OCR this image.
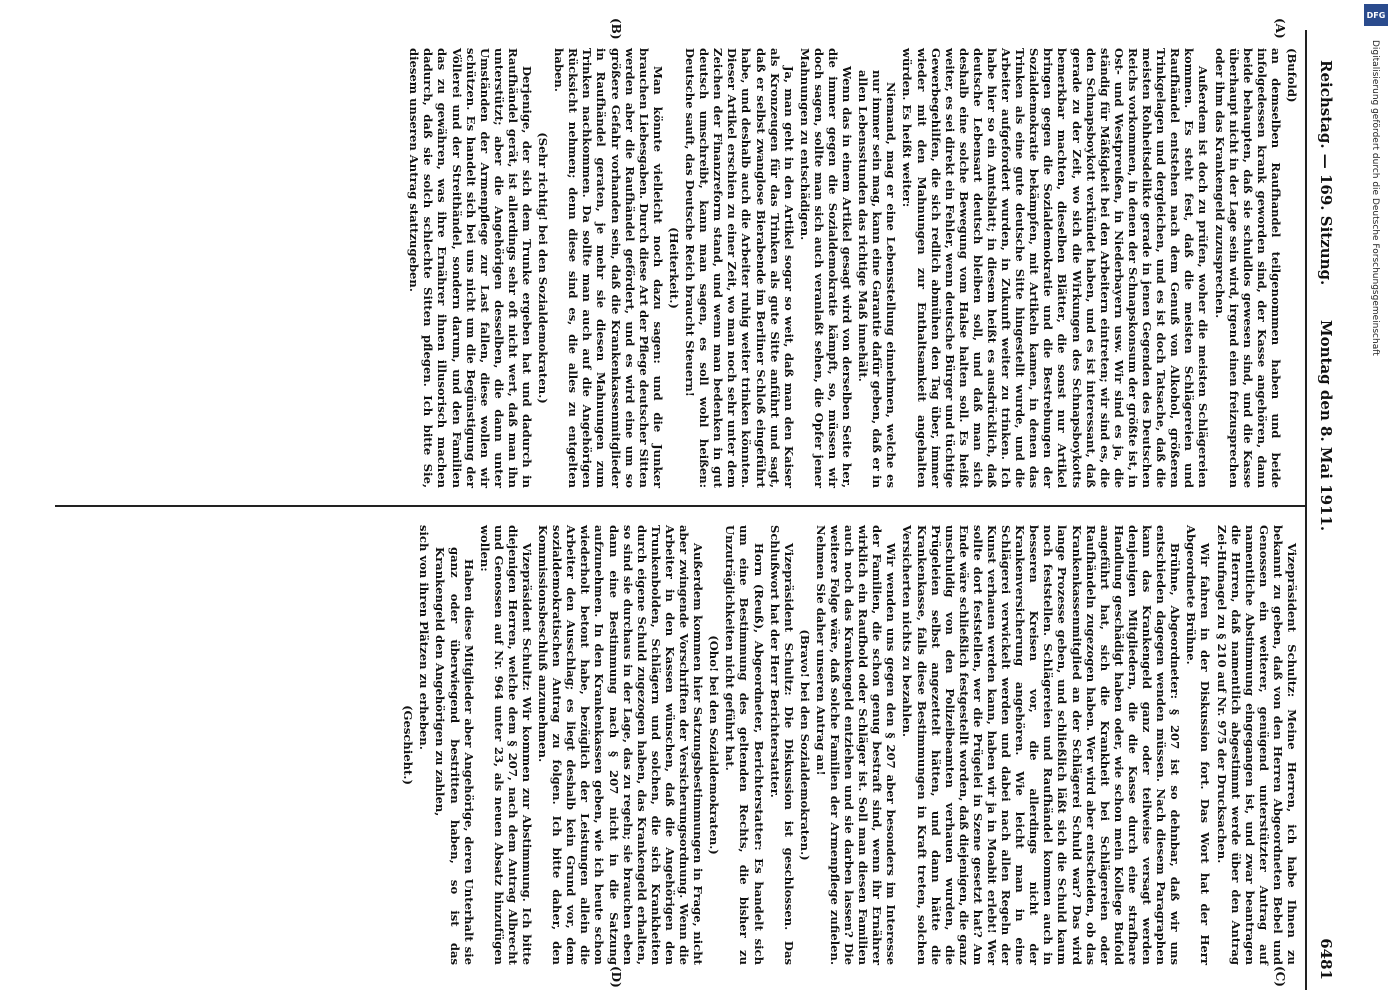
Reichstag. — 169. Sitzung.
Montag den 8. Mai 1911.
6481
(A)
(B)
(C)
(D)

(Bufold)

an demselben Raufhandel teilgenommen haben und beide infolgedessen krank geworden sind, der Kasse angehören, dann beide behaupten, daß sie schuldlos gewesen sind, und die Kasse überhaupt nicht in der Lage sein wird, irgend einen freizusprechen oder ihm das Krankengeld zuzusprechen.

Außerdem ist doch zu prüfen, woher die meisten Schlägereien kommen. Es steht fest, daß die meisten Schlägereien und Raufhändel entstehen nach dem Genuß von Alkohol, größeren Trinkgelagen und dergleichen, und es ist doch Tatsache, daß die meisten Rohheitsdelikte gerade in jenen Gegenden des Deutschen Reichs vorkommen, in denen der Schnapskonsum der größte ist, in Ost- und Westpreußen, in Niederbayern usw. Wir sind es ja, die ständig für Mäßigkeit bei den Arbeitern eintreten; wir sind es, die den Schnapsboykott verkündet haben, und es ist interessant, daß gerade zu der Zeit, wo sich die Wirkungen des Schnapsboykotts bemerkbar machten, dieselben Blätter, die sonst nur Artikel bringen gegen die Sozialdemokratie und die Bestrebungen der Sozialdemokratie bekämpfen, mit Artikeln kamen, in denen das Trinken als eine gute deutsche Sitte hingestellt wurde, und die Arbeiter aufgefordert wurden, in Zukunft weiter zu trinken. Ich habe hier so ein Amtsblatt; in diesem heißt es ausdrücklich, daß deutsche Lebensart deutsch bleiben soll, und daß man sich deshalb eine solche Bewegung vom Halse halten soll. Es heißt weiter, es sei direkt ein Fehler, wenn deutsche Bürger und tüchtige Gewerbegehilfen, die sich redlich abmühen den Tag über, immer wieder mit den Mahnungen zur Enthaltsamkeit angehalten würden. Es heißt weiter:

Niemand, mag er eine Lebensstellung einnehmen, welche es nur immer sein mag, kann eine Garantie dafür geben, daß er in allen Lebensstunden das richtige Maß innehält.

Wenn das in einem Artikel gesagt wird von derselben Seite her, die immer gegen die Sozialdemokratie kämpft, so, müssen wir doch sagen, sollte man sich auch veranlaßt sehen, die Opfer jener Mahnungen zu entschädigen.

Ja, man geht in den Artikel sogar so weit, daß man den Kaiser als Kronzeugen für das Trinken als gute Sitte anführt und sagt, daß er selbst zwanglose Bierabende im Berliner Schloß eingeführt habe, und deshalb auch die Arbeiter ruhig weiter trinken könnten. Dieser Artikel erschien zu einer Zeit, wo man noch sehr unter dem Zeichen der Finanzreform stand, und wenn man bedenken in gut deutsch umschreibt, kann man sagen, es soll wohl heißen: Deutsche sauft, das Deutsche Reich braucht Steuern!

(Heiterkeit.)

Man könnte vielleicht noch dazu sagen: und die Junker brauchen Liebesgaben. Durch diese Art der Pflege deutscher Sitten werden aber die Raufhändel gefördert, und es wird eine um so größere Gefahr vorhanden sein, daß die Krankenkassenmitglieder in Raufhändel geraten, je mehr sie diesen Mahnungen zum Trinken nachkommen. Da sollte man auch auf die Angehörigen Rücksicht nehmen; denn diese sind es, die alles zu entgelten haben.

(Sehr richtig! bei den Sozialdemokraten.)

Derjenige, der sich dem Trunke ergeben hat und dadurch in Raufhändel gerät, ist allerdings sehr oft nicht wert, daß man ihn unterstützt; aber die Angehörigen desselben, die dann unter Umständen der Armenpflege zur Last fallen, diese wollen wir schützen. Es handelt sich bei uns nicht um die Begünstigung der Völlerei und der Streithändel, sondern darum, und den Familien das zu gewähren, was ihre Ernährer ihnen illusorisch machen dadurch, daß sie solch schlechte Sitten pflegen. Ich bitte Sie, diesem unseren Antrag stattzugeben.

Vizepräsident Schultz: Meine Herren, ich habe Ihnen zu bekannt zu geben, daß von den Herren Abgeordneten Bebel und Genossen ein weiterer, genügend unterstützter Antrag auf namentliche Abstimmung eingegangen ist, und zwar beantragen die Herren, daß namentlich abgestimmt werde über den Antrag Zei-Hufnagel zu § 210 auf Nr. 975 der Drucksachen.

Wir fahren in der Diskussion fort. Das Wort hat der Herr Abgeordnete Brühne.

Brühne, Abgeordneter: § 207 ist so dehnbar, daß wir uns entschieden dagegen wenden müssen. Nach diesem Paragraphen kann das Krankengeld ganz oder teilweise versagt werden denjenigen Mitgliedern, die die Kasse durch eine strafbare Handlung geschädigt haben oder, wie schon mein Kollege Bufold angeführt hat, sich die Krankheit bei Schlägereien oder Raufhändeln zugezogen haben. Wer wird aber entscheiden, ob das Krankenkassenmitglied an der Schlägerei Schuld war? Das wird lange Prozesse geben, und schließlich läßt sich die Schuld kaum noch feststellen. Schlägereien und Raufhändel kommen auch in besseren Kreisen vor, die allerdings nicht der Krankenversicherung angehören. Wie leicht man in eine Schlägerei verwickelt werden und dabei nach allen Regeln der Kunst verhauen werden kann, haben wir ja in Moabit erlebt! Wer sollte dort feststellen, wer die Prügelei in Szene gesetzt hat? Am Ende wäre schließlich festgestellt worden, daß diejenigen, die ganz unschuldig von den Polizeibeamten verhauen wurden, die Prügeleien selbst angezettelt hätten, und dann hätte die Krankenkasse, falls diese Bestimmungen in Kraft treten, solchen Versicherten nichts zu bezahlen.

Wir wenden uns gegen den § 207 aber besonders im Interesse der Familien, die schon genug bestraft sind, wenn ihr Ernährer wirklich ein Raufbold oder Schläger ist. Soll man diesen Familien auch noch das Krankengeld entziehen und sie darben lassen? Die weitere Folge wäre, daß solche Familien der Armenpflege zufielen. Nehmen Sie daher unseren Antrag an!

(Bravo! bei den Sozialdemokraten.)

Vizepräsident Schultz: Die Diskussion ist geschlossen. Das Schlußwort hat der Herr Berichterstatter.

Horn (Reuß), Abgeordneter, Berichterstatter: Es handelt sich um eine Bestimmung des geltenden Rechts, die bisher zu Unzuträglichkeiten nicht geführt hat.

(Oho! bei den Sozialdemokraten.)

Außerdem kommen hier Satzungsbestimmungen in Frage, nicht aber zwingende Vorschriften der Versicherungsordnung. Wenn die Arbeiter in den Kassen wünschen, daß die Angehörigen den Trunkenbolden, Schlägern und solchen, die sich Krankheiten durch eigene Schuld zugezogen haben, das Krankengeld erhalten, so sind sie durchaus in der Lage, das zu regeln; sie brauchen eben dann eine Bestimmung nach § 207 nicht in die Satzung aufzunehmen. In den Krankenkassen geben, wie ich heute schon wiederholt betont habe, bezüglich der Leistungen allein die Arbeiter den Ausschlag; es liegt deshalb kein Grund vor, dem sozialdemokratischen Antrag zu folgen. Ich bitte daher, den Kommissionsbeschluß anzunehmen.

Vizepräsident Schultz: Wir kommen zur Abstimmung. Ich bitte diejenigen Herren, welche dem § 207, nach dem Antrag Albrecht und Genossen auf Nr. 964 unter 23, als neuen Absatz hinzufügen wollen:

Haben diese Mitglieder aber Angehörige, deren Unterhalt sie ganz oder überwiegend bestritten haben, so ist das Krankengeld den Angehörigen zu zahlen,

sich von ihren Plätzen zu erheben.

(Geschieht.)

DFG
Digitalisierung gefördert durch die Deutsche Forschungsgemeinschaft
